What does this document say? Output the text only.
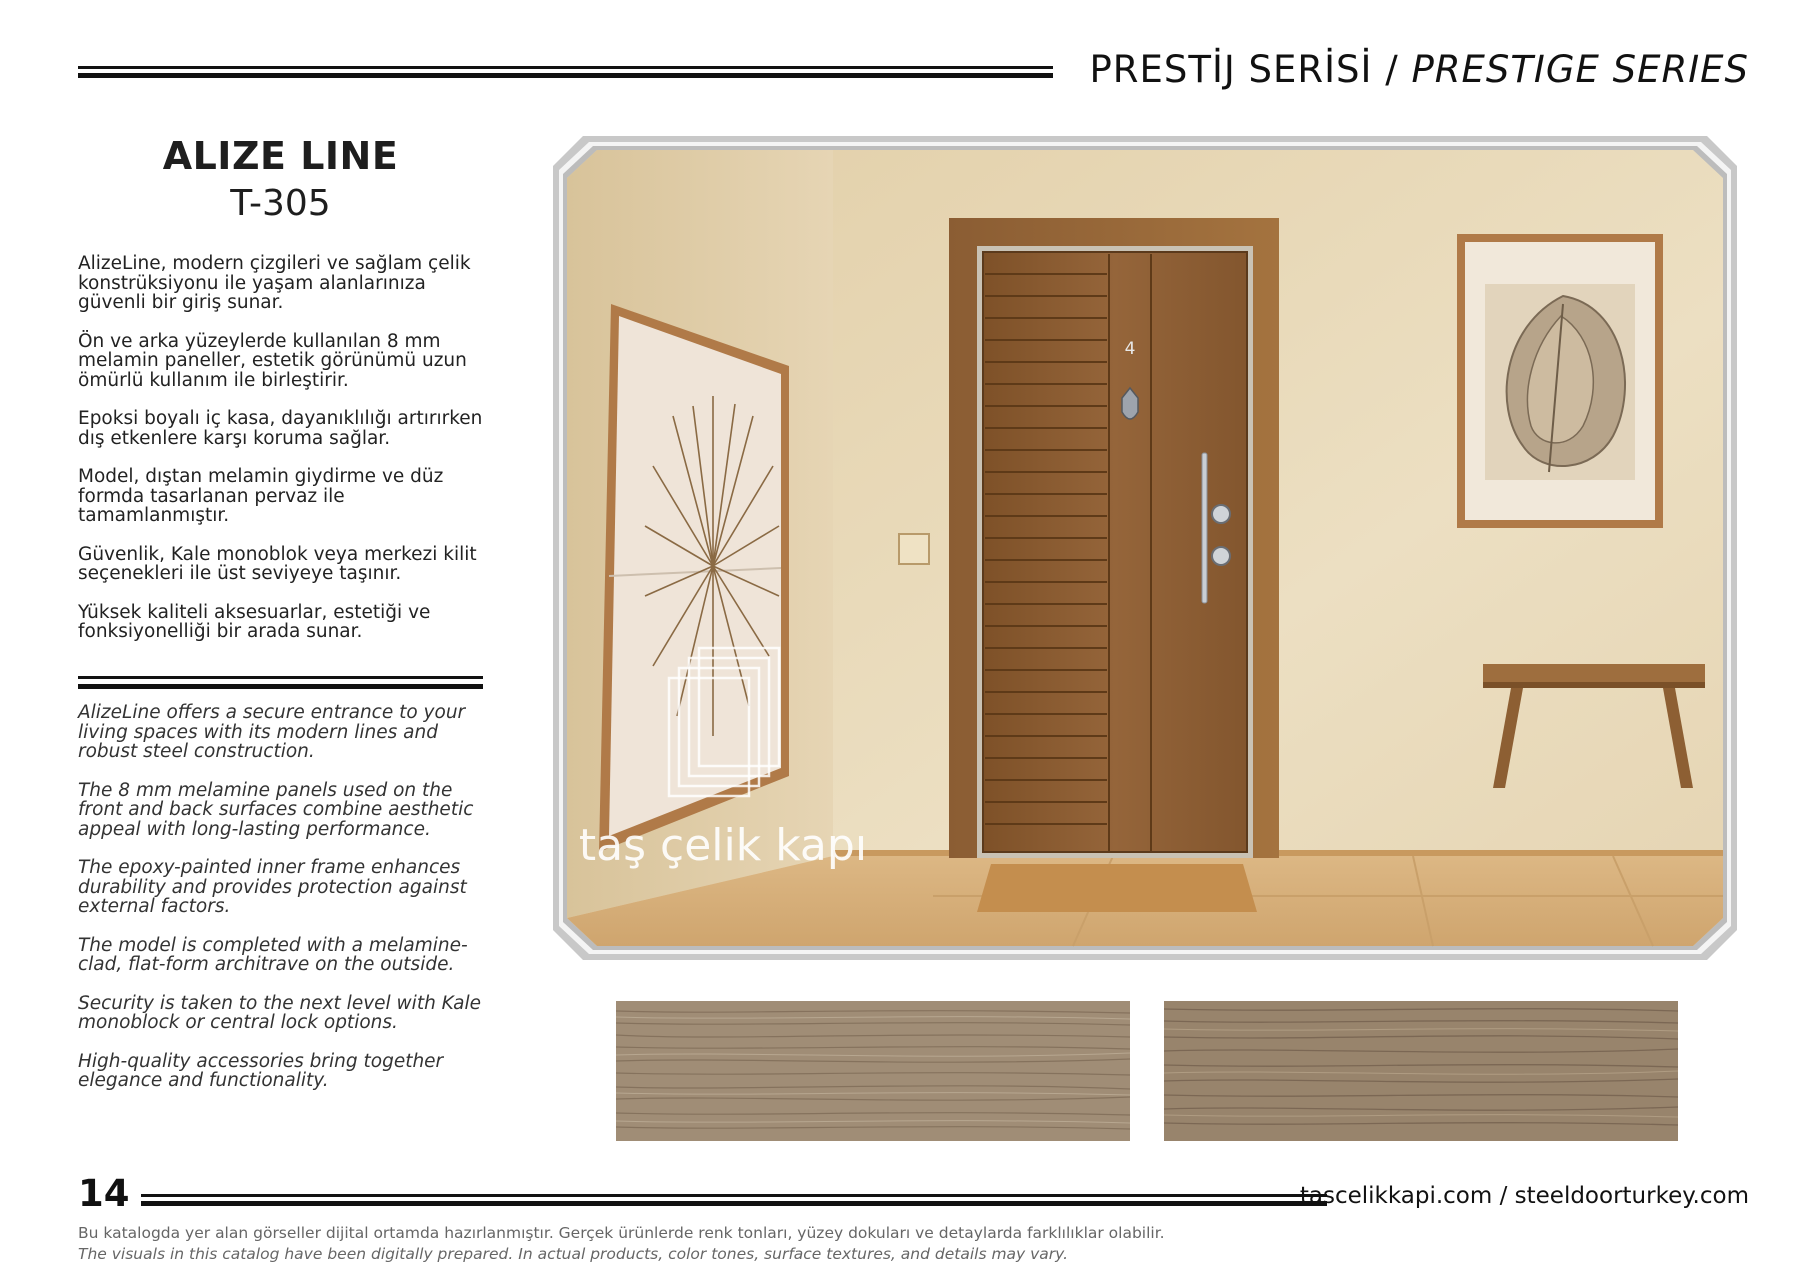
PRESTİJ SERİSİ / PRESTIGE SERIES
ALIZE LINE
T-305

AlizeLine, modern çizgileri ve sağlam çelik konstrüksiyonu ile yaşam alanlarınıza güvenli bir giriş sunar.

Ön ve arka yüzeylerde kullanılan 8 mm melamin paneller, estetik görünümü uzun ömürlü kullanım ile birleştirir.

Epoksi boyalı iç kasa, dayanıklılığı artırırken dış etkenlere karşı koruma sağlar.

Model, dıştan melamin giydirme ve düz formda tasarlanan pervaz ile tamamlanmıştır.

Güvenlik, Kale monoblok veya merkezi kilit seçenekleri ile üst seviyeye taşınır.

Yüksek kaliteli aksesuarlar, estetiği ve fonksiyonelliği bir arada sunar.

AlizeLine offers a secure entrance to your living spaces with its modern lines and robust steel construction.

The 8 mm melamine panels used on the front and back surfaces combine aesthetic appeal with long-lasting performance.

The epoxy-painted inner frame enhances durability and provides protection against external factors.

The model is completed with a melamine-clad, flat-form architrave on the outside.

Security is taken to the next level with Kale monoblock or central lock options.

High-quality accessories bring together elegance and functionality.

4
taş çelik kapı
14	tascelikkapi.com / steeldoorturkey.com
Bu katalogda yer alan görseller dijital ortamda hazırlanmıştır. Gerçek ürünlerde renk tonları, yüzey dokuları ve detaylarda farklılıklar olabilir.
The visuals in this catalog have been digitally prepared. In actual products, color tones, surface textures, and details may vary.
